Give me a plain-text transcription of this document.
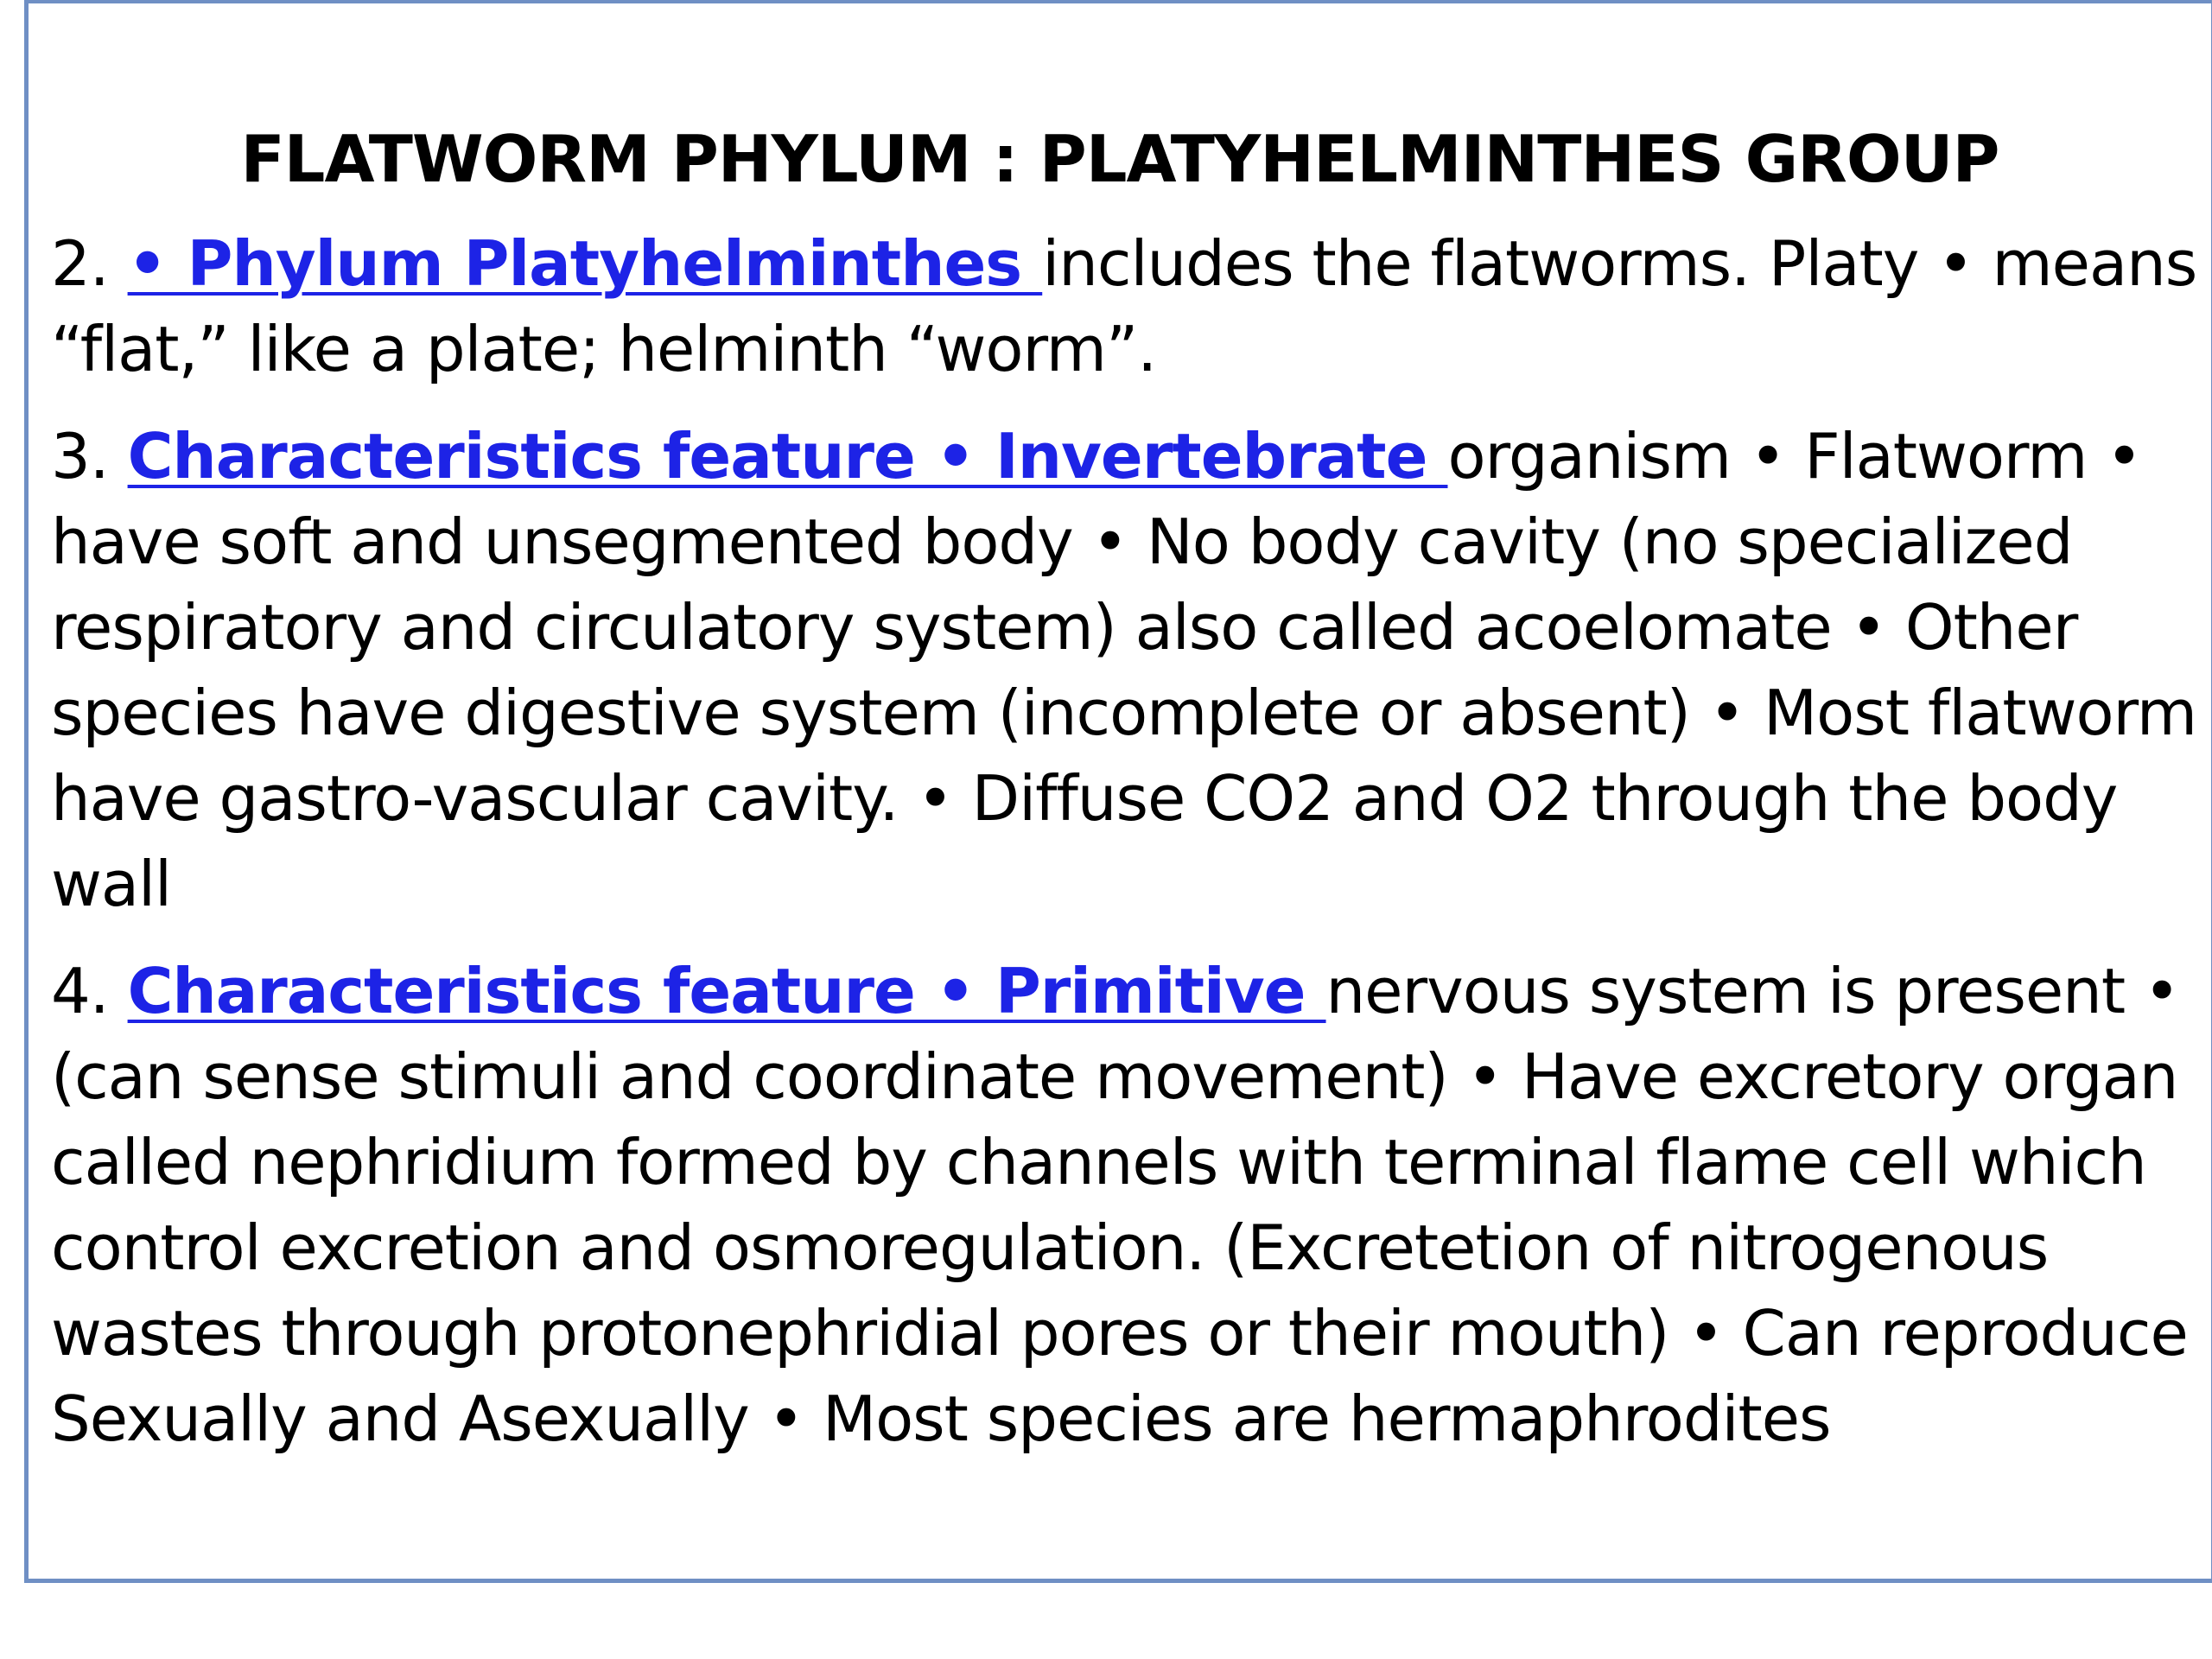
FLATWORM PHYLUM : PLATYHELMINTHES GROUP

2. • Phylum Platyhelminthes includes the flatworms. Platy • means “flat,” like a plate; helminth “worm”.

3. Characteristics feature • Invertebrate organism • Flatworm • have soft and unsegmented body • No body cavity (no specialized respiratory and circulatory system) also called acoelomate • Other species have digestive system (incomplete or absent) • Most flatworm have gastro-vascular cavity. • Diffuse CO2 and O2 through the body wall

4. Characteristics feature • Primitive nervous system is present • (can sense stimuli and coordinate movement) • Have excretory organ called nephridium formed by channels with terminal flame cell which control excretion and osmoregulation. (Excretetion of nitrogenous wastes through protonephridial pores or their mouth) • Can reproduce Sexually and Asexually • Most species are hermaphrodites
